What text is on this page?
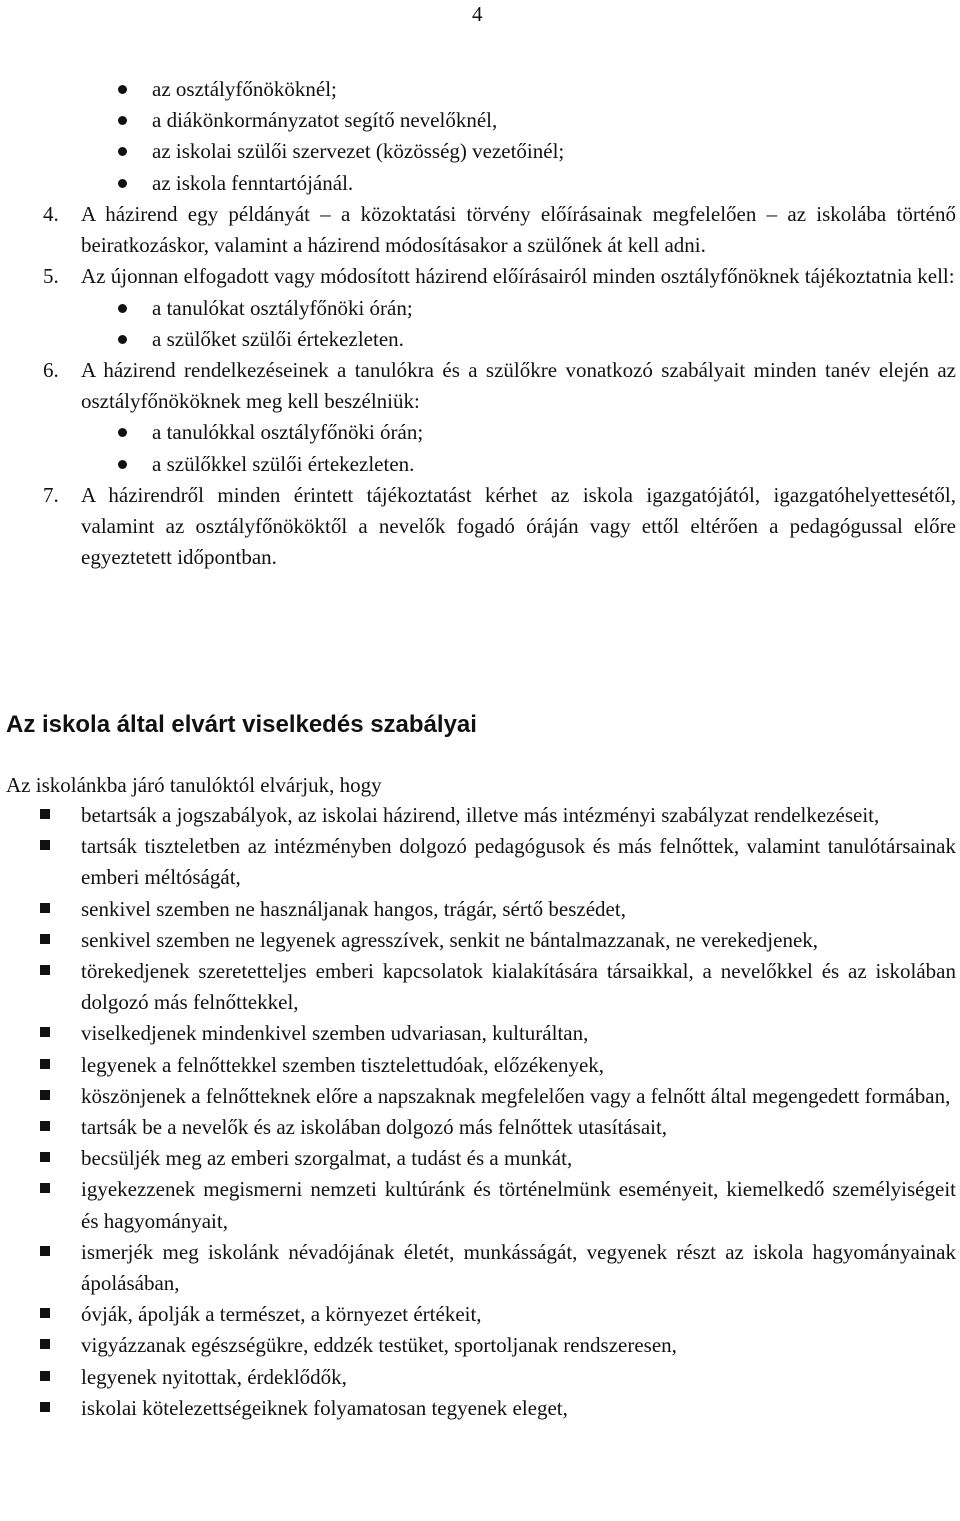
4
az osztályfőnököknél;
a diákönkormányzatot segítő nevelőknél,
az iskolai szülői szervezet (közösség) vezetőinél;
az iskola fenntartójánál.
4. A házirend egy példányát – a közoktatási törvény előírásainak megfelelően – az iskolába történő beiratkozáskor, valamint a házirend módosításakor a szülőnek át kell adni.
5. Az újonnan elfogadott vagy módosított házirend előírásairól minden osztályfőnöknek tájékoztatnia kell:
a tanulókat osztályfőnöki órán;
a szülőket szülői értekezleten.
6. A házirend rendelkezéseinek a tanulókra és a szülőkre vonatkozó szabályait minden tanév elején az osztályfőnököknek meg kell beszélniük:
a tanulókkal osztályfőnöki órán;
a szülőkkel szülői értekezleten.
7. A házirendről minden érintett tájékoztatást kérhet az iskola igazgatójától, igazgatóhelyettesétől, valamint az osztályfőnököktől a nevelők fogadó óráján vagy ettől eltérően a pedagógussal előre egyeztetett időpontban.
Az iskola által elvárt viselkedés szabályai
Az iskolánkba járó tanulóktól elvárjuk, hogy
betartsák a jogszabályok, az iskolai házirend, illetve más intézményi szabályzat rendelkezéseit,
tartsák tiszteletben az intézményben dolgozó pedagógusok és más felnőttek, valamint tanulótársainak emberi méltóságát,
senkivel szemben ne használjanak hangos, trágár, sértő beszédet,
senkivel szemben ne legyenek agresszívek, senkit ne bántalmazzanak, ne verekedjenek,
törekedjenek szeretetteljes emberi kapcsolatok kialakítására társaikkal, a nevelőkkel és az iskolában dolgozó más felnőttekkel,
viselkedjenek mindenkivel szemben udvariasan, kulturáltan,
legyenek a felnőttekkel szemben tisztelettudóak, előzékenyek,
köszönjenek a felnőtteknek előre a napszaknak megfelelően vagy a felnőtt által megengedett formában,
tartsák be a nevelők és az iskolában dolgozó más felnőttek utasításait,
becsüljék meg az emberi szorgalmat, a tudást és a munkát,
igyekezzenek megismerni nemzeti kultúránk és történelmünk eseményeit, kiemelkedő személyiségeit és hagyományait,
ismerjék meg iskolánk névadójának életét, munkásságát, vegyenek részt az iskola hagyományainak ápolásában,
óvják, ápolják a természet, a környezet értékeit,
vigyázzanak egészségükre, eddzék testüket, sportoljanak rendszeresen,
legyenek nyitottak, érdeklődők,
iskolai kötelezettségeiknek folyamatosan tegyenek eleget,
